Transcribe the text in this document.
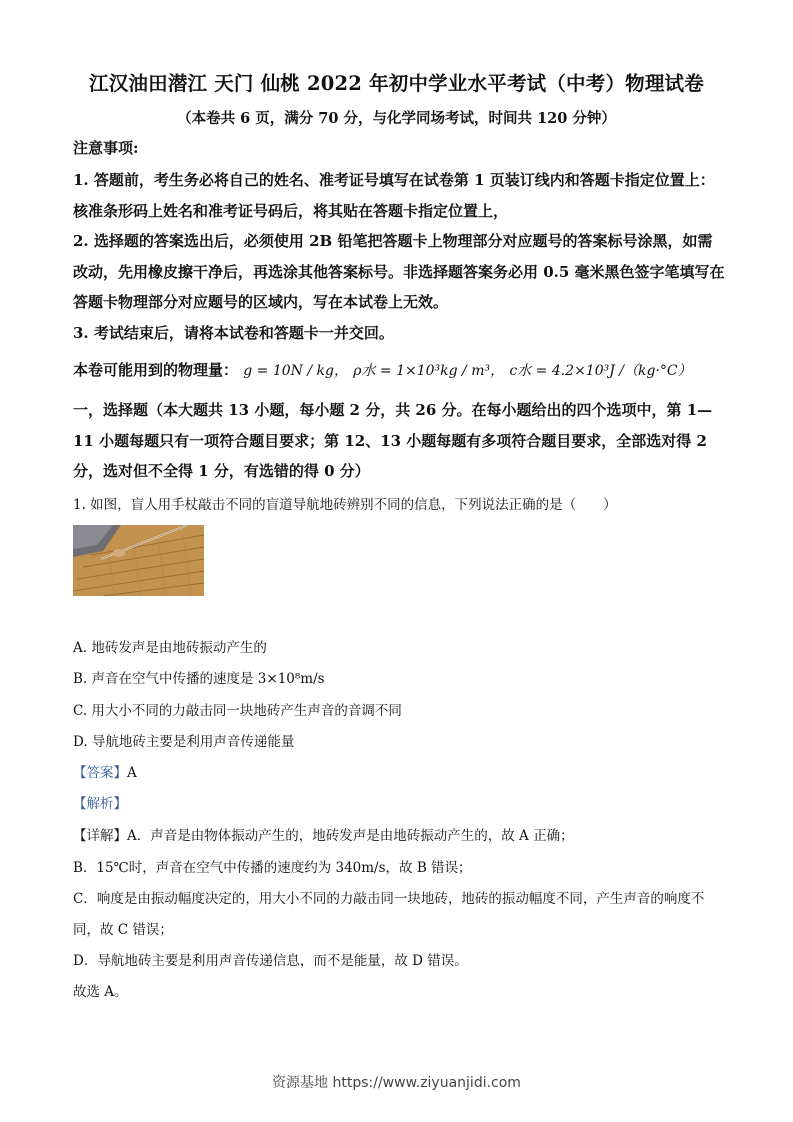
江汉油田潜江 天门 仙桃 2022 年初中学业水平考试（中考）物理试卷
（本卷共 6 页，满分 70 分，与化学同场考试，时间共 120 分钟）
注意事项:
1. 答题前，考生务必将自己的姓名、准考证号填写在试卷第 1 页装订线内和答题卡指定位置上：核准条形码上姓名和准考证号码后，将其贴在答题卡指定位置上，
2. 选择题的答案选出后，必须使用 2B 铅笔把答题卡上物理部分对应题号的答案标号涂黑，如需改动，先用橡皮擦干净后，再选涂其他答案标号。非选择题答案务必用 0.5 毫米黑色签字笔填写在答题卡物理部分对应题号的区域内，写在本试卷上无效。
3. 考试结束后，请将本试卷和答题卡一并交回。
本卷可能用到的物理量： g = 10N / kg， ρ水 = 1×10³kg / m³， c水 = 4.2×10³J /（kg·°C）
一，选择题（本大题共 13 小题，每小题 2 分，共 26 分。在每小题给出的四个选项中，第 1—11 小题每题只有一项符合题目要求；第 12、13 小题每题有多项符合题目要求，全部选对得 2 分，选对但不全得 1 分，有选错的得 0 分）
1. 如图，盲人用手杖敲击不同的盲道导航地砖辨别不同的信息，下列说法正确的是（　　）
A. 地砖发声是由地砖振动产生的
B. 声音在空气中传播的速度是 3×10⁸m/s
C. 用大小不同的力敲击同一块地砖产生声音的音调不同
D. 导航地砖主要是利用声音传递能量
【答案】A
【解析】
【详解】A．声音是由物体振动产生的，地砖发声是由地砖振动产生的，故 A 正确；
B．15℃时，声音在空气中传播的速度约为 340m/s，故 B 错误；
C．响度是由振动幅度决定的，用大小不同的力敲击同一块地砖，地砖的振动幅度不同，产生声音的响度不同，故 C 错误；
D．导航地砖主要是利用声音传递信息，而不是能量，故 D 错误。
故选 A。
资源基地 https://www.ziyuanjidi.com
